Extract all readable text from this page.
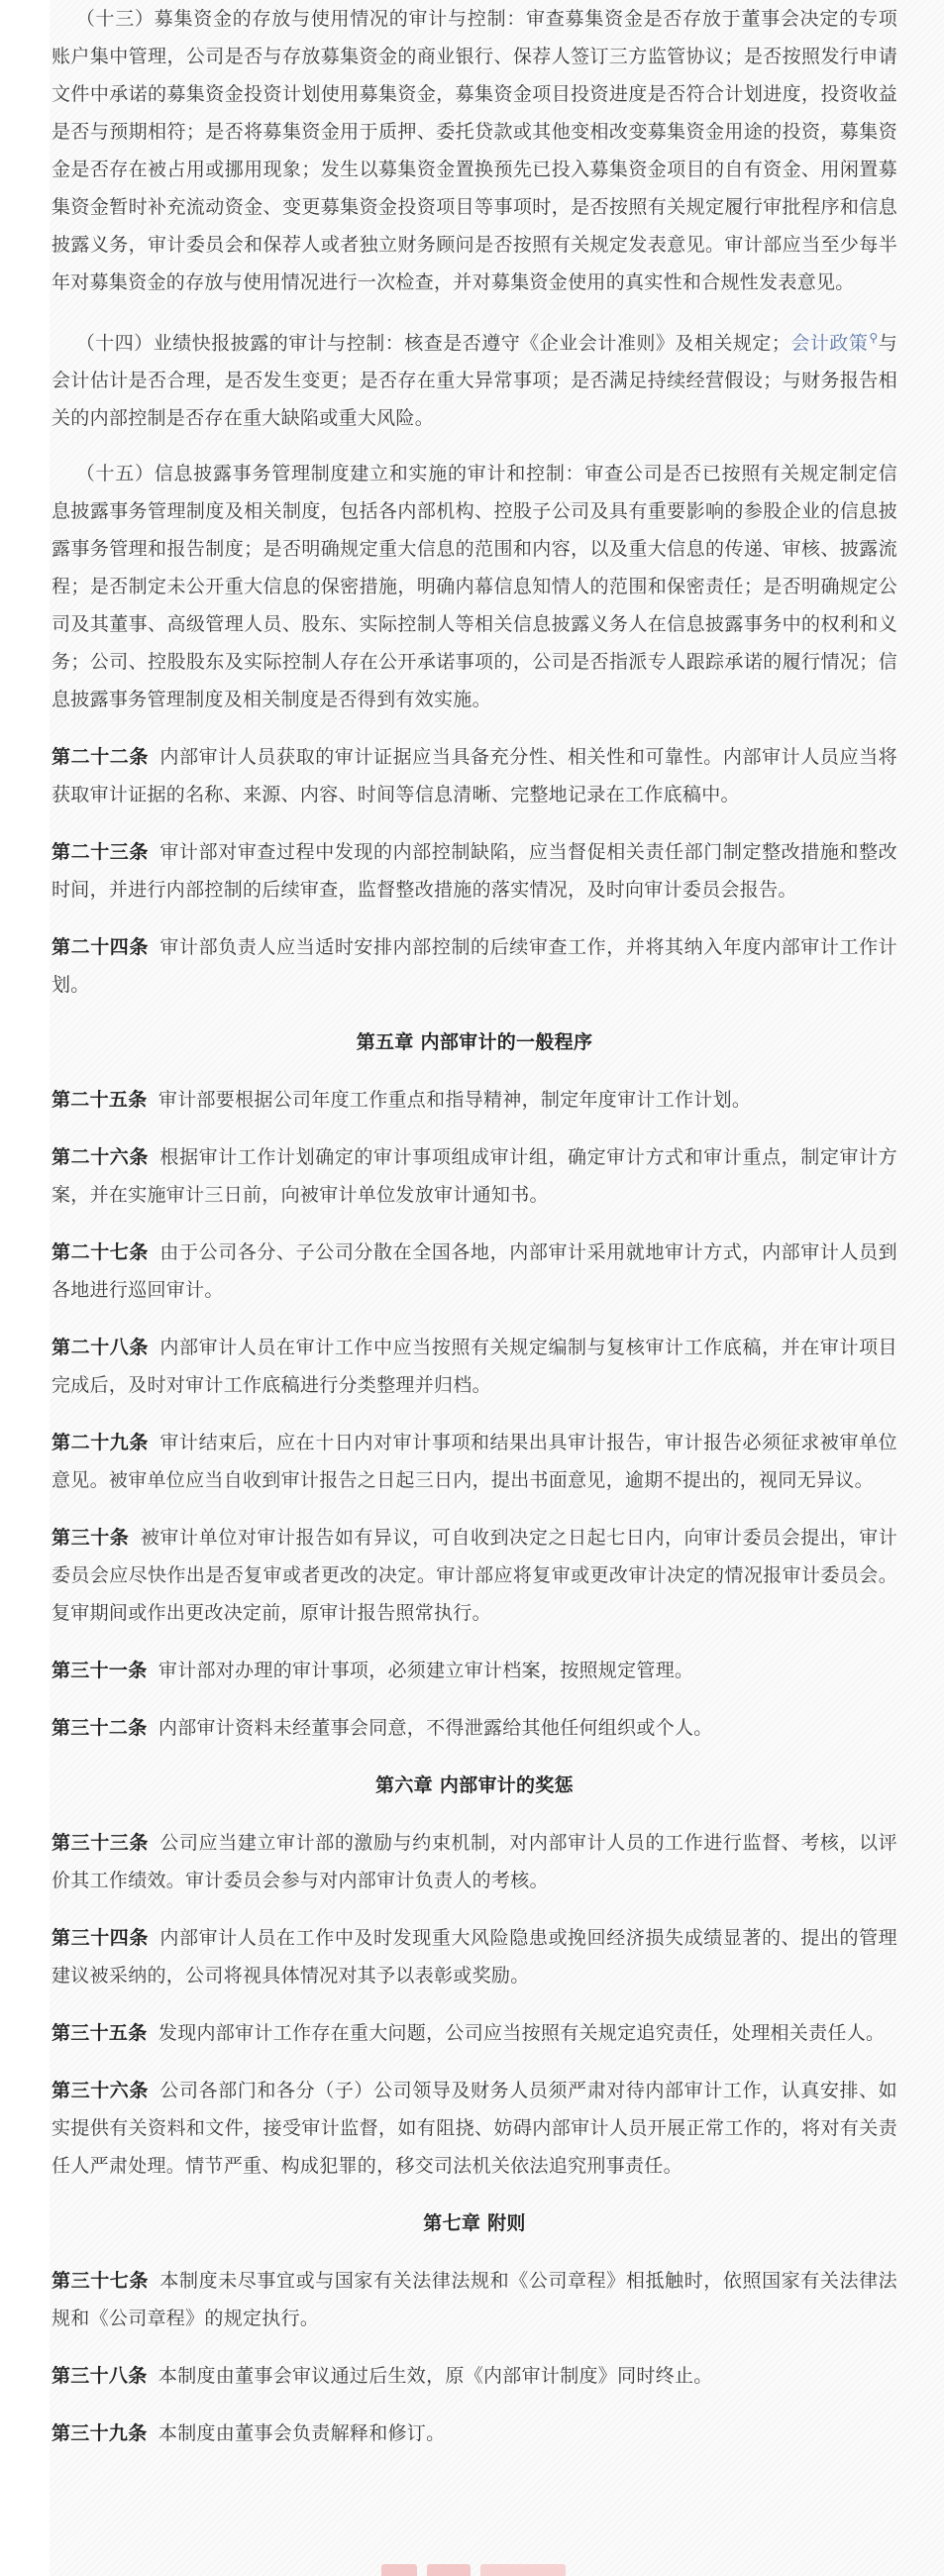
（十三）募集资金的存放与使用情况的审计与控制：审查募集资金是否存放于董事会决定的专项账户集中管理，公司是否与存放募集资金的商业银行、保荐人签订三方监管协议；是否按照发行申请文件中承诺的募集资金投资计划使用募集资金，募集资金项目投资进度是否符合计划进度，投资收益是否与预期相符；是否将募集资金用于质押、委托贷款或其他变相改变募集资金用途的投资，募集资金是否存在被占用或挪用现象；发生以募集资金置换预先已投入募集资金项目的自有资金、用闲置募集资金暂时补充流动资金、变更募集资金投资项目等事项时，是否按照有关规定履行审批程序和信息披露义务，审计委员会和保荐人或者独立财务顾问是否按照有关规定发表意见。审计部应当至少每半年对募集资金的存放与使用情况进行一次检查，并对募集资金使用的真实性和合规性发表意见。

（十四）业绩快报披露的审计与控制：核查是否遵守《企业会计准则》及相关规定；会计政策⚲与会计估计是否合理，是否发生变更；是否存在重大异常事项；是否满足持续经营假设；与财务报告相关的内部控制是否存在重大缺陷或重大风险。

（十五）信息披露事务管理制度建立和实施的审计和控制：审查公司是否已按照有关规定制定信息披露事务管理制度及相关制度，包括各内部机构、控股子公司及具有重要影响的参股企业的信息披露事务管理和报告制度；是否明确规定重大信息的范围和内容，以及重大信息的传递、审核、披露流程；是否制定未公开重大信息的保密措施，明确内幕信息知情人的范围和保密责任；是否明确规定公司及其董事、高级管理人员、股东、实际控制人等相关信息披露义务人在信息披露事务中的权利和义务；公司、控股股东及实际控制人存在公开承诺事项的，公司是否指派专人跟踪承诺的履行情况；信息披露事务管理制度及相关制度是否得到有效实施。

第二十二条 内部审计人员获取的审计证据应当具备充分性、相关性和可靠性。内部审计人员应当将获取审计证据的名称、来源、内容、时间等信息清晰、完整地记录在工作底稿中。

第二十三条 审计部对审查过程中发现的内部控制缺陷，应当督促相关责任部门制定整改措施和整改时间，并进行内部控制的后续审查，监督整改措施的落实情况，及时向审计委员会报告。

第二十四条 审计部负责人应当适时安排内部控制的后续审查工作，并将其纳入年度内部审计工作计划。

第五章 内部审计的一般程序

第二十五条 审计部要根据公司年度工作重点和指导精神，制定年度审计工作计划。

第二十六条 根据审计工作计划确定的审计事项组成审计组，确定审计方式和审计重点，制定审计方案，并在实施审计三日前，向被审计单位发放审计通知书。

第二十七条 由于公司各分、子公司分散在全国各地，内部审计采用就地审计方式，内部审计人员到各地进行巡回审计。

第二十八条 内部审计人员在审计工作中应当按照有关规定编制与复核审计工作底稿，并在审计项目完成后，及时对审计工作底稿进行分类整理并归档。

第二十九条 审计结束后，应在十日内对审计事项和结果出具审计报告，审计报告必须征求被审单位意见。被审单位应当自收到审计报告之日起三日内，提出书面意见，逾期不提出的，视同无异议。

第三十条 被审计单位对审计报告如有异议，可自收到决定之日起七日内，向审计委员会提出，审计委员会应尽快作出是否复审或者更改的决定。审计部应将复审或更改审计决定的情况报审计委员会。复审期间或作出更改决定前，原审计报告照常执行。

第三十一条 审计部对办理的审计事项，必须建立审计档案，按照规定管理。

第三十二条 内部审计资料未经董事会同意，不得泄露给其他任何组织或个人。

第六章 内部审计的奖惩

第三十三条 公司应当建立审计部的激励与约束机制，对内部审计人员的工作进行监督、考核，以评价其工作绩效。审计委员会参与对内部审计负责人的考核。

第三十四条 内部审计人员在工作中及时发现重大风险隐患或挽回经济损失成绩显著的、提出的管理建议被采纳的，公司将视具体情况对其予以表彰或奖励。

第三十五条 发现内部审计工作存在重大问题，公司应当按照有关规定追究责任，处理相关责任人。

第三十六条 公司各部门和各分（子）公司领导及财务人员须严肃对待内部审计工作，认真安排、如实提供有关资料和文件，接受审计监督，如有阻挠、妨碍内部审计人员开展正常工作的，将对有关责任人严肃处理。情节严重、构成犯罪的，移交司法机关依法追究刑事责任。

第七章 附则

第三十七条 本制度未尽事宜或与国家有关法律法规和《公司章程》相抵触时，依照国家有关法律法规和《公司章程》的规定执行。

第三十八条 本制度由董事会审议通过后生效，原《内部审计制度》同时终止。

第三十九条 本制度由董事会负责解释和修订。
